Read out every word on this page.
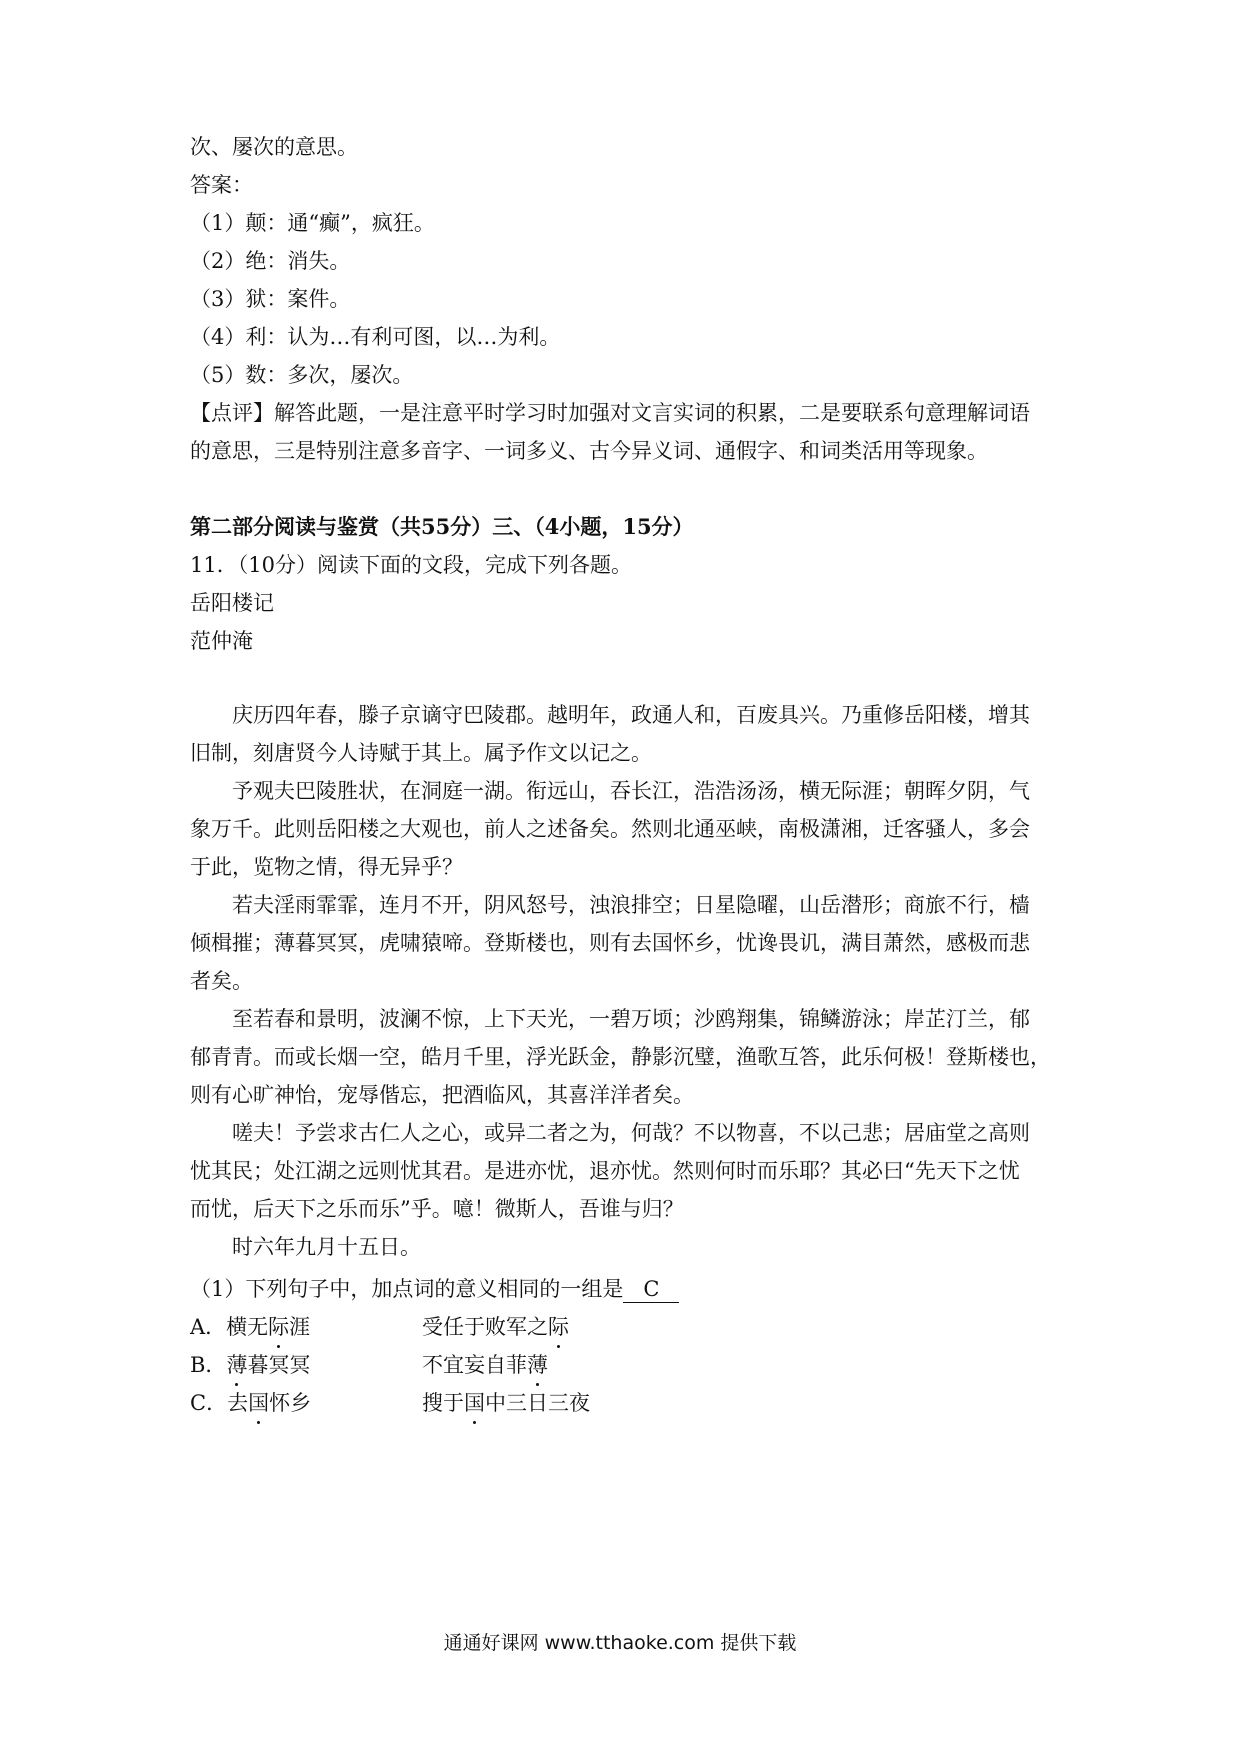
次、屡次的意思。
答案：
（1）颠：通“癫”，疯狂。
（2）绝：消失。
（3）狱：案件。
（4）利：认为…有利可图，以…为利。
（5）数：多次，屡次。
【点评】解答此题，一是注意平时学习时加强对文言实词的积累，二是要联系句意理解词语
的意思，三是特别注意多音字、一词多义、古今异义词、通假字、和词类活用等现象。
第二部分阅读与鉴赏（共55分）三、（4小题，15分）
11．（10分）阅读下面的文段，完成下列各题。
岳阳楼记
范仲淹
庆历四年春，滕子京谪守巴陵郡。越明年，政通人和，百废具兴。乃重修岳阳楼，增其
旧制，刻唐贤今人诗赋于其上。属予作文以记之。
予观夫巴陵胜状，在洞庭一湖。衔远山，吞长江，浩浩汤汤，横无际涯；朝晖夕阴，气
象万千。此则岳阳楼之大观也，前人之述备矣。然则北通巫峡，南极潇湘，迁客骚人，多会
于此，览物之情，得无异乎？
若夫淫雨霏霏，连月不开，阴风怒号，浊浪排空；日星隐曜，山岳潜形；商旅不行，樯
倾楫摧；薄暮冥冥，虎啸猿啼。登斯楼也，则有去国怀乡，忧谗畏讥，满目萧然，感极而悲
者矣。
至若春和景明，波澜不惊，上下天光，一碧万顷；沙鸥翔集，锦鳞游泳；岸芷汀兰，郁
郁青青。而或长烟一空，皓月千里，浮光跃金，静影沉璧，渔歌互答，此乐何极！登斯楼也，
则有心旷神怡，宠辱偕忘，把酒临风，其喜洋洋者矣。
嗟夫！予尝求古仁人之心，或异二者之为，何哉？不以物喜，不以己悲；居庙堂之高则
忧其民；处江湖之远则忧其君。是进亦忧，退亦忧。然则何时而乐耶？其必曰“先天下之忧
而忧，后天下之乐而乐”乎。噫！微斯人，吾谁与归？
时六年九月十五日。
（1）下列句子中，加点词的意义相同的一组是 C
A．横无际涯	受任于败军之际
B．薄暮冥冥	不宜妄自菲薄
C．去国怀乡	搜于国中三日三夜
通通好课网 www.tthaoke.com 提供下载
